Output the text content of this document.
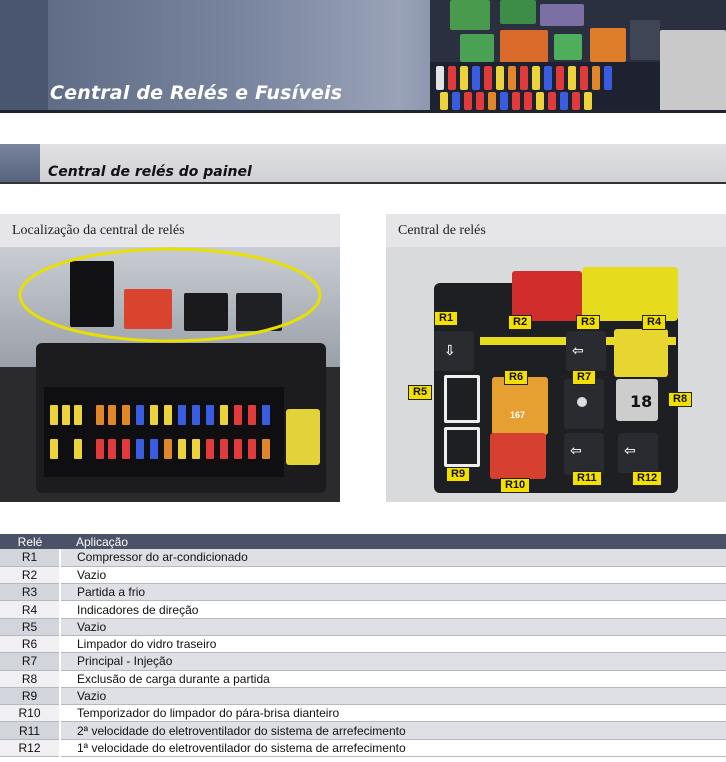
Central de Relés e Fusíveis
Central de relés do painel
Localização da central de relés	Central de relés
⇩	⇦
167
18
⇦	⇦
R1	R2	R3	R4
R5
R6	R7
R8
R9
R10
R11	R12
Relé	Aplicação
R1	Compressor do ar-condicionado
R2	Vazio
R3	Partida a frio
R4	Indicadores de direção
R5	Vazio
R6	Limpador do vidro traseiro
R7	Principal - Injeção
R8	Exclusão de carga durante a partida
R9	Vazio
R10	Temporizador do limpador do pára-brisa dianteiro
R11	2ª velocidade do eletroventilador do sistema de arrefecimento
R12	1ª velocidade do eletroventilador do sistema de arrefecimento
